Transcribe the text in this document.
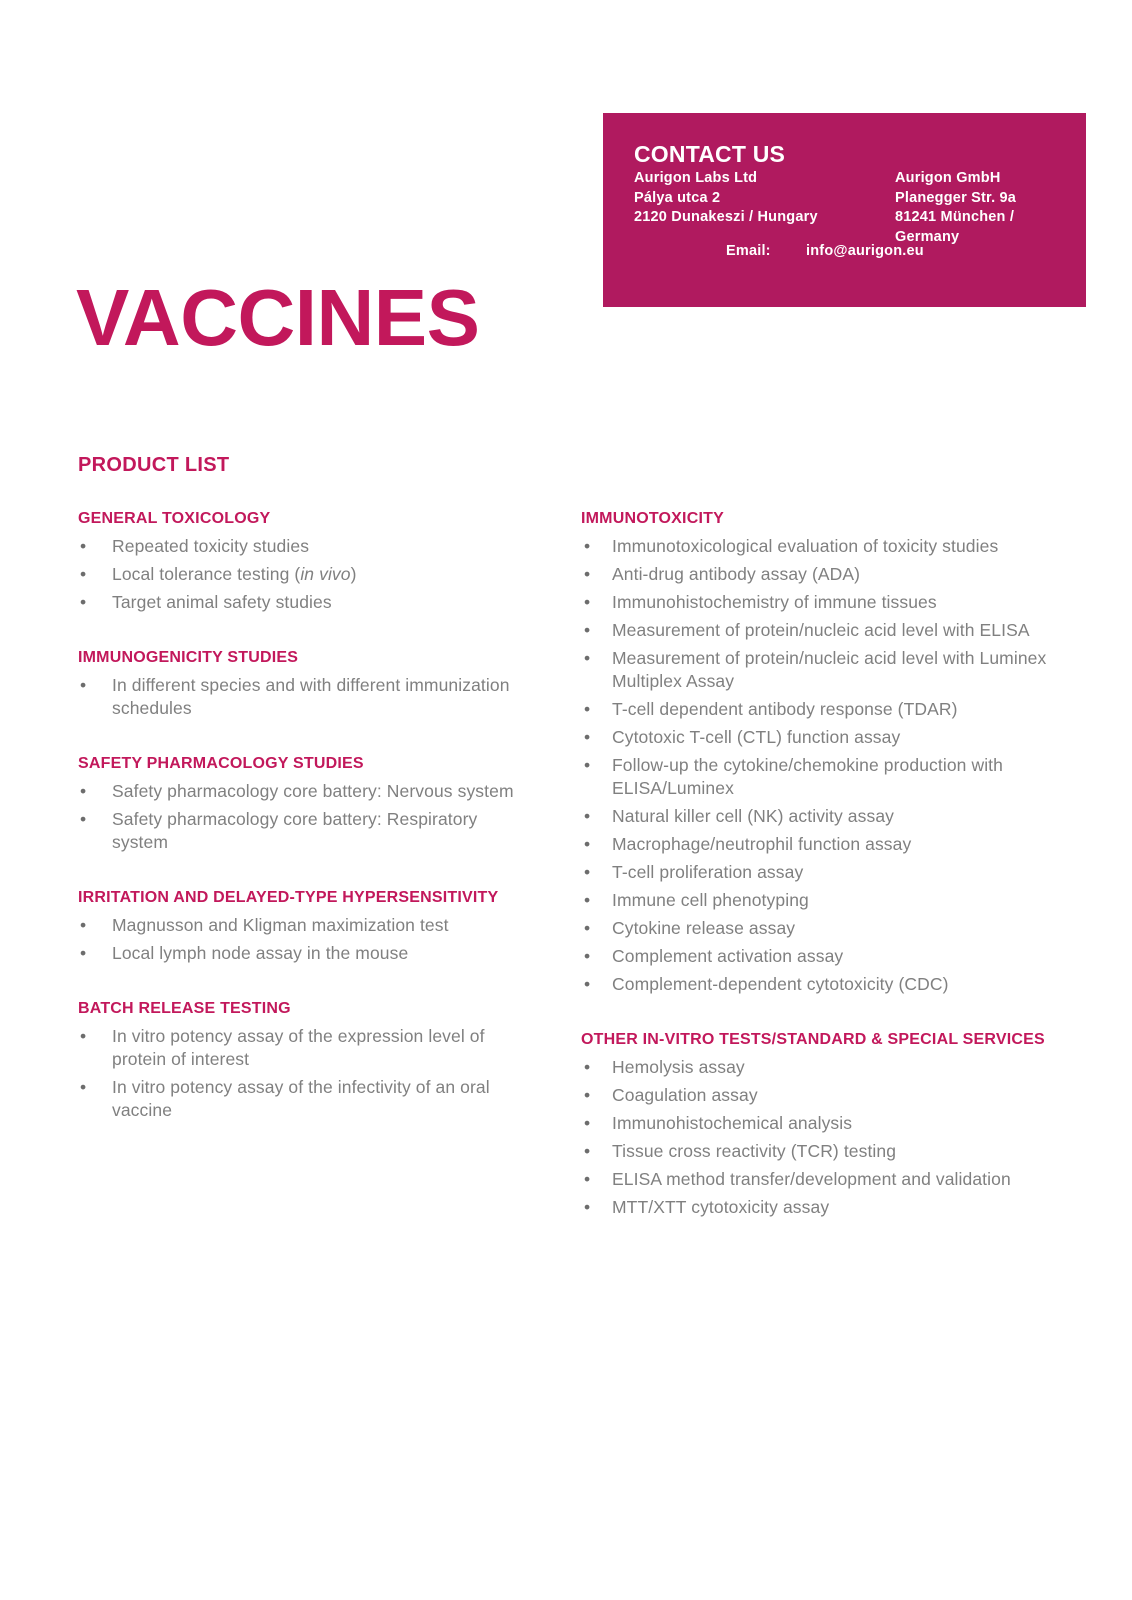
CONTACT US
Aurigon Labs Ltd
Pálya utca 2
2120 Dunakeszi / Hungary
Aurigon GmbH
Planegger Str. 9a
81241 München /
Germany
Email: info@aurigon.eu
VACCINES
PRODUCT LIST
GENERAL TOXICOLOGY
• Repeated toxicity studies
• Local tolerance testing (in vivo)
• Target animal safety studies
IMMUNOGENICITY STUDIES
• In different species and with different immunization schedules
SAFETY PHARMACOLOGY STUDIES
• Safety pharmacology core battery: Nervous system
• Safety pharmacology core battery: Respiratory system
IRRITATION AND DELAYED-TYPE HYPERSENSITIVITY
• Magnusson and Kligman maximization test
• Local lymph node assay in the mouse
BATCH RELEASE TESTING
• In vitro potency assay of the expression level of protein of interest
• In vitro potency assay of the infectivity of an oral vaccine
IMMUNOTOXICITY
• Immunotoxicological evaluation of toxicity studies
• Anti-drug antibody assay (ADA)
• Immunohistochemistry of immune tissues
• Measurement of protein/nucleic acid level with ELISA
• Measurement of protein/nucleic acid level with Luminex Multiplex Assay
• T-cell dependent antibody response (TDAR)
• Cytotoxic T-cell (CTL) function assay
• Follow-up the cytokine/chemokine production with ELISA/Luminex
• Natural killer cell (NK) activity assay
• Macrophage/neutrophil function assay
• T-cell proliferation assay
• Immune cell phenotyping
• Cytokine release assay
• Complement activation assay
• Complement-dependent cytotoxicity (CDC)
OTHER IN-VITRO TESTS/STANDARD & SPECIAL SERVICES
• Hemolysis assay
• Coagulation assay
• Immunohistochemical analysis
• Tissue cross reactivity (TCR) testing
• ELISA method transfer/development and validation
• MTT/XTT cytotoxicity assay
